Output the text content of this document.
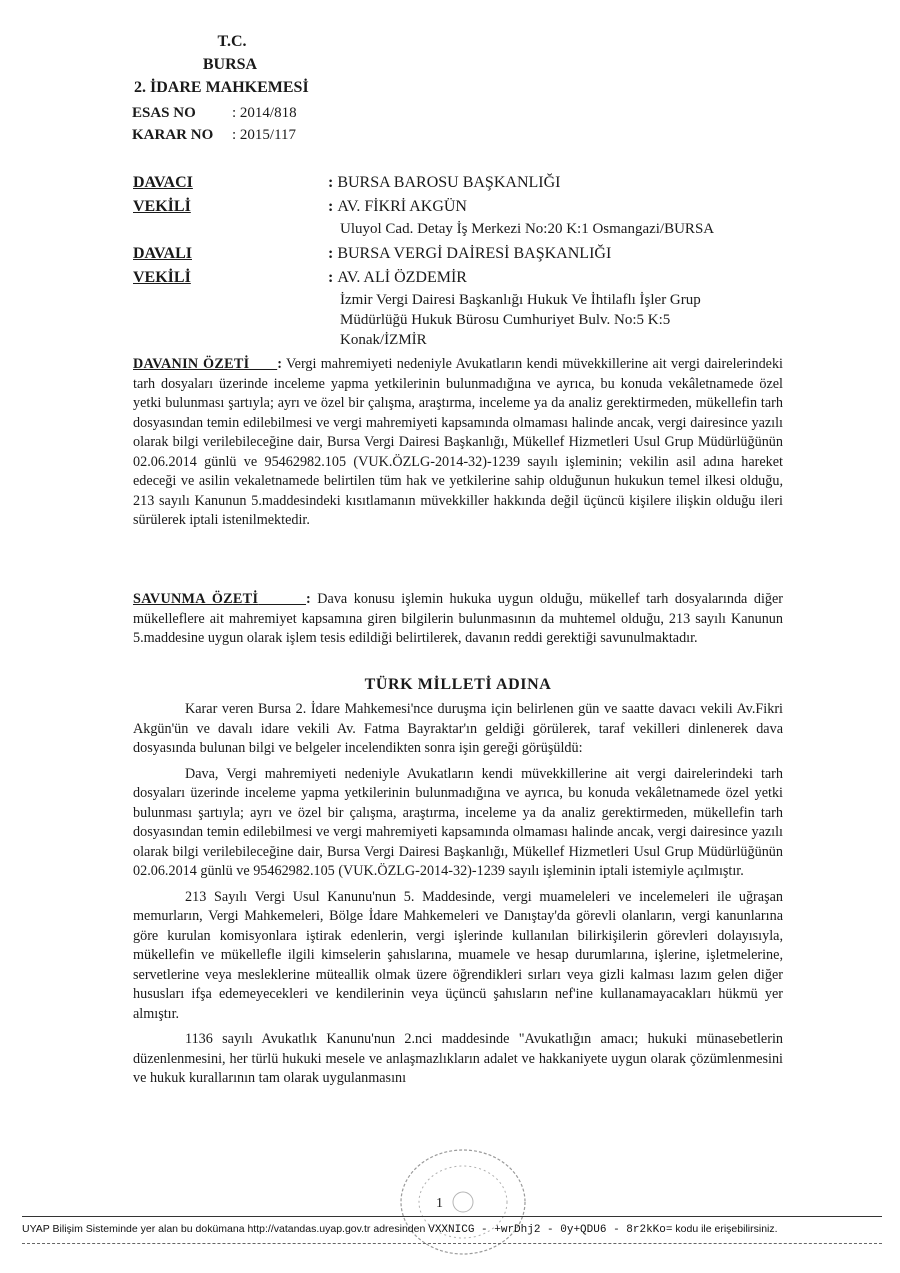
T.C.
BURSA
2. İDARE MAHKEMESİ
ESAS NO : 2014/818
KARAR NO : 2015/117
DAVACI	: BURSA BAROSU BAŞKANLIĞI
VEKİLİ	: AV. FİKRİ AKGÜN
Uluyol Cad. Detay İş Merkezi No:20 K:1 Osmangazi/BURSA
DAVALI	: BURSA VERGİ DAİRESİ BAŞKANLIĞI
VEKİLİ	: AV. ALİ ÖZDEMİR
İzmir Vergi Dairesi Başkanlığı Hukuk Ve İhtilaflı İşler Grup
Müdürlüğü Hukuk Bürosu Cumhuriyet Bulv. No:5 K:5
Konak/İZMİR
DAVANIN ÖZETİ : Vergi mahremiyeti nedeniyle Avukatların kendi müvekkillerine ait vergi dairelerindeki tarh dosyaları üzerinde inceleme yapma yetkilerinin bulunmadığına ve ayrıca, bu konuda vekâletnamede özel yetki bulunması şartıyla; ayrı ve özel bir çalışma, araştırma, inceleme ya da analiz gerektirmeden, mükellefin tarh dosyasından temin edilebilmesi ve vergi mahremiyeti kapsamında olmaması halinde ancak, vergi dairesince yazılı olarak bilgi verilebileceğine dair, Bursa Vergi Dairesi Başkanlığı, Mükellef Hizmetleri Usul Grup Müdürlüğünün 02.06.2014 günlü ve 95462982.105 (VUK.ÖZLG-2014-32)-1239 sayılı işleminin; vekilin asil adına hareket edeceği ve asilin vekaletnamede belirtilen tüm hak ve yetkilerine sahip olduğunun hukukun temel ilkesi olduğu, 213 sayılı Kanunun 5.maddesindeki kısıtlamanın müvekkiller hakkında değil üçüncü kişilere ilişkin olduğu ileri sürülerek iptali istenilmektedir.
SAVUNMA ÖZETİ	: Dava konusu işlemin hukuka uygun olduğu, mükellef tarh dosyalarında diğer mükelleflere ait mahremiyet kapsamına giren bilgilerin bulunmasının da muhtemel olduğu, 213 sayılı Kanunun 5.maddesine uygun olarak işlem tesis edildiği belirtilerek, davanın reddi gerektiği savunulmaktadır.
TÜRK MİLLETİ ADINA

Karar veren Bursa 2. İdare Mahkemesi'nce duruşma için belirlenen gün ve saatte davacı vekili Av.Fikri Akgün'ün ve davalı idare vekili Av. Fatma Bayraktar'ın geldiği görülerek, taraf vekilleri dinlenerek dava dosyasında bulunan bilgi ve belgeler incelendikten sonra işin gereği görüşüldü:

Dava, Vergi mahremiyeti nedeniyle Avukatların kendi müvekkillerine ait vergi dairelerindeki tarh dosyaları üzerinde inceleme yapma yetkilerinin bulunmadığına ve ayrıca, bu konuda vekâletnamede özel yetki bulunması şartıyla; ayrı ve özel bir çalışma, araştırma, inceleme ya da analiz gerektirmeden, mükellefin tarh dosyasından temin edilebilmesi ve vergi mahremiyeti kapsamında olmaması halinde ancak, vergi dairesince yazılı olarak bilgi verilebileceğine dair, Bursa Vergi Dairesi Başkanlığı, Mükellef Hizmetleri Usul Grup Müdürlüğünün 02.06.2014 günlü ve 95462982.105 (VUK.ÖZLG-2014-32)-1239 sayılı işleminin iptali istemiyle açılmıştır.

213 Sayılı Vergi Usul Kanunu'nun 5. Maddesinde, vergi muameleleri ve incelemeleri ile uğraşan memurların, Vergi Mahkemeleri, Bölge İdare Mahkemeleri ve Danıştay'da görevli olanların, vergi kanunlarına göre kurulan komisyonlara iştirak edenlerin, vergi işlerinde kullanılan bilirkişilerin görevleri dolayısıyla, mükellefin ve mükellefle ilgili kimselerin şahıslarına, muamele ve hesap durumlarına, işlerine, işletmelerine, servetlerine veya mesleklerine müteallik olmak üzere öğrendikleri sırları veya gizli kalması lazım gelen diğer hususları ifşa edemeyecekleri ve kendilerinin veya üçüncü şahısların nef'ine kullanamayacakları hükmü yer almıştır.

1136 sayılı Avukatlık Kanunu'nun 2.nci maddesinde "Avukatlığın amacı; hukuki münasebetlerin düzenlenmesini, her türlü hukuki mesele ve anlaşmazlıkların adalet ve hakkaniyete uygun olarak çözümlenmesini ve hukuk kurallarının tam olarak uygulanmasını

1
UYAP Bilişim Sisteminde yer alan bu dokümana http://vatandas.uyap.gov.tr adresinden VXXNICG - +wrDhj2 - 0y+QDU6 - 8r2kKo= kodu ile erişebilirsiniz.
